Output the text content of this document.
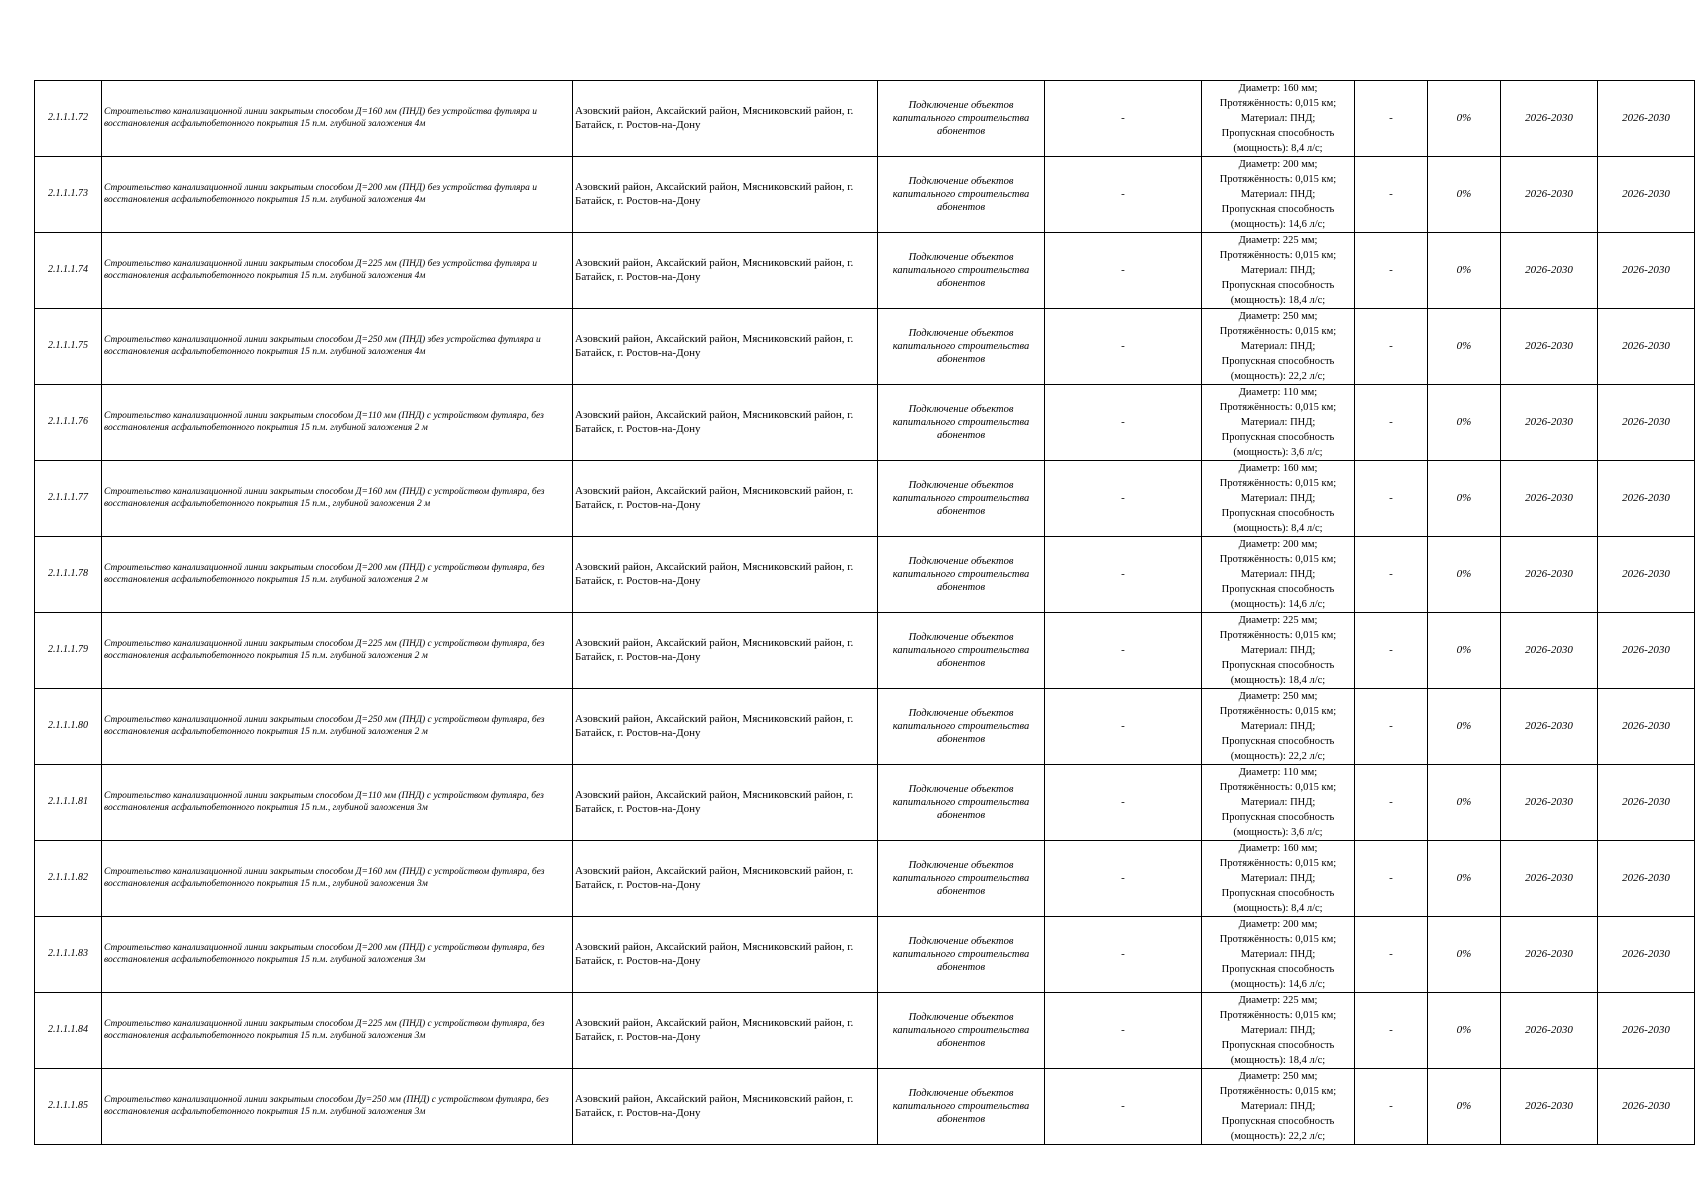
2.1.1.1.72	Строительство канализационной линии закрытым способом Д=160 мм (ПНД) без устройства футляра и восстановления асфальтобетонного покрытия 15 п.м. глубиной заложения 4м	Азовский район, Аксайский район, Мясниковский район, г. Батайск, г. Ростов-на-Дону	Подключение объектов капитального строительства абонентов	-	Диаметр: 160 мм;
Протяжённость: 0,015 км;
Материал: ПНД;
Пропускная способность
(мощность): 8,4 л/с;	-	0%	2026-2030	2026-2030
2.1.1.1.73	Строительство канализационной линии закрытым способом Д=200 мм (ПНД) без устройства футляра и восстановления асфальтобетонного покрытия 15 п.м. глубиной заложения 4м	Азовский район, Аксайский район, Мясниковский район, г. Батайск, г. Ростов-на-Дону	Подключение объектов капитального строительства абонентов	-	Диаметр: 200 мм;
Протяжённость: 0,015 км;
Материал: ПНД;
Пропускная способность
(мощность): 14,6 л/с;	-	0%	2026-2030	2026-2030
2.1.1.1.74	Строительство канализационной линии закрытым способом Д=225 мм (ПНД) без устройства футляра и восстановления асфальтобетонного покрытия 15 п.м. глубиной заложения 4м	Азовский район, Аксайский район, Мясниковский район, г. Батайск, г. Ростов-на-Дону	Подключение объектов капитального строительства абонентов	-	Диаметр: 225 мм;
Протяжённость: 0,015 км;
Материал: ПНД;
Пропускная способность
(мощность): 18,4 л/с;	-	0%	2026-2030	2026-2030
2.1.1.1.75	Строительство канализационной линии закрытым способом Д=250 мм (ПНД) збез устройства футляра и восстановления асфальтобетонного покрытия 15 п.м. глубиной заложения 4м	Азовский район, Аксайский район, Мясниковский район, г. Батайск, г. Ростов-на-Дону	Подключение объектов капитального строительства абонентов	-	Диаметр: 250 мм;
Протяжённость: 0,015 км;
Материал: ПНД;
Пропускная способность
(мощность): 22,2 л/с;	-	0%	2026-2030	2026-2030
2.1.1.1.76	Строительство канализационной линии закрытым способом Д=110 мм (ПНД) с устройством футляра, без восстановления асфальтобетонного покрытия 15 п.м. глубиной заложения 2 м	Азовский район, Аксайский район, Мясниковский район, г. Батайск, г. Ростов-на-Дону	Подключение объектов капитального строительства абонентов	-	Диаметр: 110 мм;
Протяжённость: 0,015 км;
Материал: ПНД;
Пропускная способность
(мощность): 3,6 л/с;	-	0%	2026-2030	2026-2030
2.1.1.1.77	Строительство канализационной линии закрытым способом Д=160 мм (ПНД) с устройством футляра, без восстановления асфальтобетонного покрытия 15 п.м., глубиной заложения 2 м	Азовский район, Аксайский район, Мясниковский район, г. Батайск, г. Ростов-на-Дону	Подключение объектов капитального строительства абонентов	-	Диаметр: 160 мм;
Протяжённость: 0,015 км;
Материал: ПНД;
Пропускная способность
(мощность): 8,4 л/с;	-	0%	2026-2030	2026-2030
2.1.1.1.78	Строительство канализационной линии закрытым способом Д=200 мм (ПНД) с устройством футляра, без восстановления асфальтобетонного покрытия 15 п.м. глубиной заложения 2 м	Азовский район, Аксайский район, Мясниковский район, г. Батайск, г. Ростов-на-Дону	Подключение объектов капитального строительства абонентов	-	Диаметр: 200 мм;
Протяжённость: 0,015 км;
Материал: ПНД;
Пропускная способность
(мощность): 14,6 л/с;	-	0%	2026-2030	2026-2030
2.1.1.1.79	Строительство канализационной линии закрытым способом Д=225 мм (ПНД) с устройством футляра, без восстановления асфальтобетонного покрытия 15 п.м. глубиной заложения 2 м	Азовский район, Аксайский район, Мясниковский район, г. Батайск, г. Ростов-на-Дону	Подключение объектов капитального строительства абонентов	-	Диаметр: 225 мм;
Протяжённость: 0,015 км;
Материал: ПНД;
Пропускная способность
(мощность): 18,4 л/с;	-	0%	2026-2030	2026-2030
2.1.1.1.80	Строительство канализационной линии закрытым способом Д=250 мм (ПНД) с устройством футляра, без восстановления асфальтобетонного покрытия 15 п.м. глубиной заложения 2 м	Азовский район, Аксайский район, Мясниковский район, г. Батайск, г. Ростов-на-Дону	Подключение объектов капитального строительства абонентов	-	Диаметр: 250 мм;
Протяжённость: 0,015 км;
Материал: ПНД;
Пропускная способность
(мощность): 22,2 л/с;	-	0%	2026-2030	2026-2030
2.1.1.1.81	Строительство канализационной линии закрытым способом Д=110 мм (ПНД) с устройством футляра, без восстановления асфальтобетонного покрытия 15 п.м., глубиной заложения 3м	Азовский район, Аксайский район, Мясниковский район, г. Батайск, г. Ростов-на-Дону	Подключение объектов капитального строительства абонентов	-	Диаметр: 110 мм;
Протяжённость: 0,015 км;
Материал: ПНД;
Пропускная способность
(мощность): 3,6 л/с;	-	0%	2026-2030	2026-2030
2.1.1.1.82	Строительство канализационной линии закрытым способом Д=160 мм (ПНД) с устройством футляра, без восстановления асфальтобетонного покрытия 15 п.м., глубиной заложения 3м	Азовский район, Аксайский район, Мясниковский район, г. Батайск, г. Ростов-на-Дону	Подключение объектов капитального строительства абонентов	-	Диаметр: 160 мм;
Протяжённость: 0,015 км;
Материал: ПНД;
Пропускная способность
(мощность): 8,4 л/с;	-	0%	2026-2030	2026-2030
2.1.1.1.83	Строительство канализационной линии закрытым способом Д=200 мм (ПНД) с устройством футляра, без восстановления асфальтобетонного покрытия 15 п.м. глубиной заложения 3м	Азовский район, Аксайский район, Мясниковский район, г. Батайск, г. Ростов-на-Дону	Подключение объектов капитального строительства абонентов	-	Диаметр: 200 мм;
Протяжённость: 0,015 км;
Материал: ПНД;
Пропускная способность
(мощность): 14,6 л/с;	-	0%	2026-2030	2026-2030
2.1.1.1.84	Строительство канализационной линии закрытым способом Д=225 мм (ПНД) с устройством футляра, без восстановления асфальтобетонного покрытия 15 п.м. глубиной заложения 3м	Азовский район, Аксайский район, Мясниковский район, г. Батайск, г. Ростов-на-Дону	Подключение объектов капитального строительства абонентов	-	Диаметр: 225 мм;
Протяжённость: 0,015 км;
Материал: ПНД;
Пропускная способность
(мощность): 18,4 л/с;	-	0%	2026-2030	2026-2030
2.1.1.1.85	Строительство канализационной линии закрытым способом Ду=250 мм (ПНД) с устройством футляра, без восстановления асфальтобетонного покрытия 15 п.м. глубиной заложения 3м	Азовский район, Аксайский район, Мясниковский район, г. Батайск, г. Ростов-на-Дону	Подключение объектов капитального строительства абонентов	-	Диаметр: 250 мм;
Протяжённость: 0,015 км;
Материал: ПНД;
Пропускная способность
(мощность): 22,2 л/с;	-	0%	2026-2030	2026-2030
